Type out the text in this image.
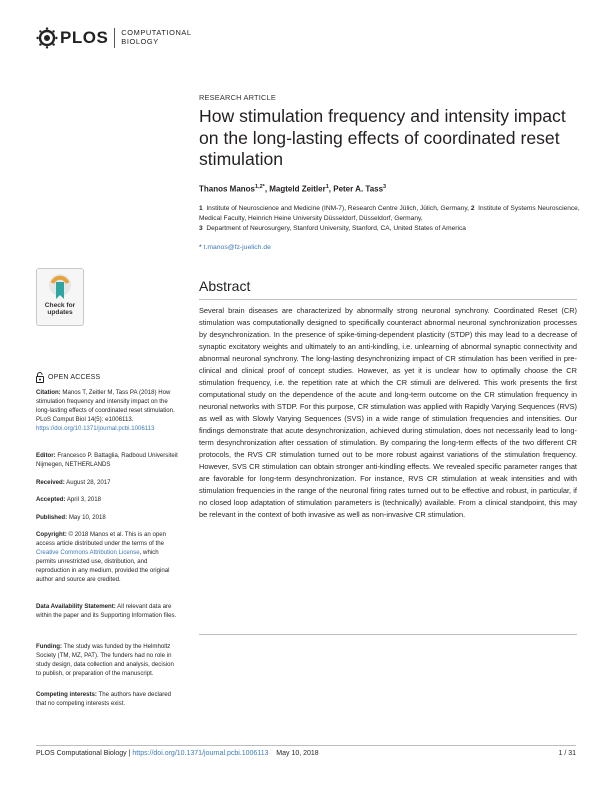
PLOS COMPUTATIONAL
BIOLOGY
RESEARCH ARTICLE
How stimulation frequency and intensity impact on the long-lasting effects of coordinated reset stimulation
Thanos Manos$^{1,2*}$, Magteld Zeitler$^1$, Peter A. Tass$^3$
1 Institute of Neuroscience and Medicine (INM-7), Research Centre Jülich, Jülich, Germany, 2 Institute of Systems Neuroscience, Medical Faculty, Heinrich Heine University Düsseldorf, Düsseldorf, Germany,
3 Department of Neurosurgery, Stanford University, Stanford, CA, United States of America
* t.manos@fz-juelich.de
Abstract
Several brain diseases are characterized by abnormally strong neuronal synchrony. Coordinated Reset (CR) stimulation was computationally designed to specifically counteract abnormal neuronal synchronization processes by desynchronization. In the presence of spike-timing-dependent plasticity (STDP) this may lead to a decrease of synaptic excitatory weights and ultimately to an anti-kindling, i.e. unlearning of abnormal synaptic connectivity and abnormal neuronal synchrony. The long-lasting desynchronizing impact of CR stimulation has been verified in pre-clinical and clinical proof of concept studies. However, as yet it is unclear how to optimally choose the CR stimulation frequency, i.e. the repetition rate at which the CR stimuli are delivered. This work presents the first computational study on the dependence of the acute and long-term outcome on the CR stimulation frequency in neuronal networks with STDP. For this purpose, CR stimulation was applied with Rapidly Varying Sequences (RVS) as well as with Slowly Varying Sequences (SVS) in a wide range of stimulation frequencies and intensities. Our findings demonstrate that acute desynchronization, achieved during stimulation, does not necessarily lead to long-term desynchronization after cessation of stimulation. By comparing the long-term effects of the two different CR protocols, the RVS CR stimulation turned out to be more robust against variations of the stimulation frequency. However, SVS CR stimulation can obtain stronger anti-kindling effects. We revealed specific parameter ranges that are favorable for long-term desynchronization. For instance, RVS CR stimulation at weak intensities and with stimulation frequencies in the range of the neuronal firing rates turned out to be effective and robust, in particular, if no closed loop adaptation of stimulation parameters is (technically) available. From a clinical standpoint, this may be relevant in the context of both invasive as well as non-invasive CR stimulation.
Check for
updates
OPEN ACCESS
Citation: Manos T, Zeitler M, Tass PA (2018) How stimulation frequency and intensity impact on the long-lasting effects of coordinated reset stimulation. PLoS Comput Biol 14(5): e1006113. https://doi.org/10.1371/journal.pcbi.1006113
Editor: Francesco P. Battaglia, Radboud Universiteit Nijmegen, NETHERLANDS
Received: August 28, 2017
Accepted: April 3, 2018
Published: May 10, 2018
Copyright: © 2018 Manos et al. This is an open access article distributed under the terms of the Creative Commons Attribution License, which permits unrestricted use, distribution, and reproduction in any medium, provided the original author and source are credited.
Data Availability Statement: All relevant data are within the paper and its Supporting Information files.
Funding: The study was funded by the Helmholtz Society (TM, MZ, PAT). The funders had no role in study design, data collection and analysis, decision to publish, or preparation of the manuscript.
Competing interests: The authors have declared that no competing interests exist.
PLOS Computational Biology | https://doi.org/10.1371/journal.pcbi.1006113 May 10, 2018	1 / 31
